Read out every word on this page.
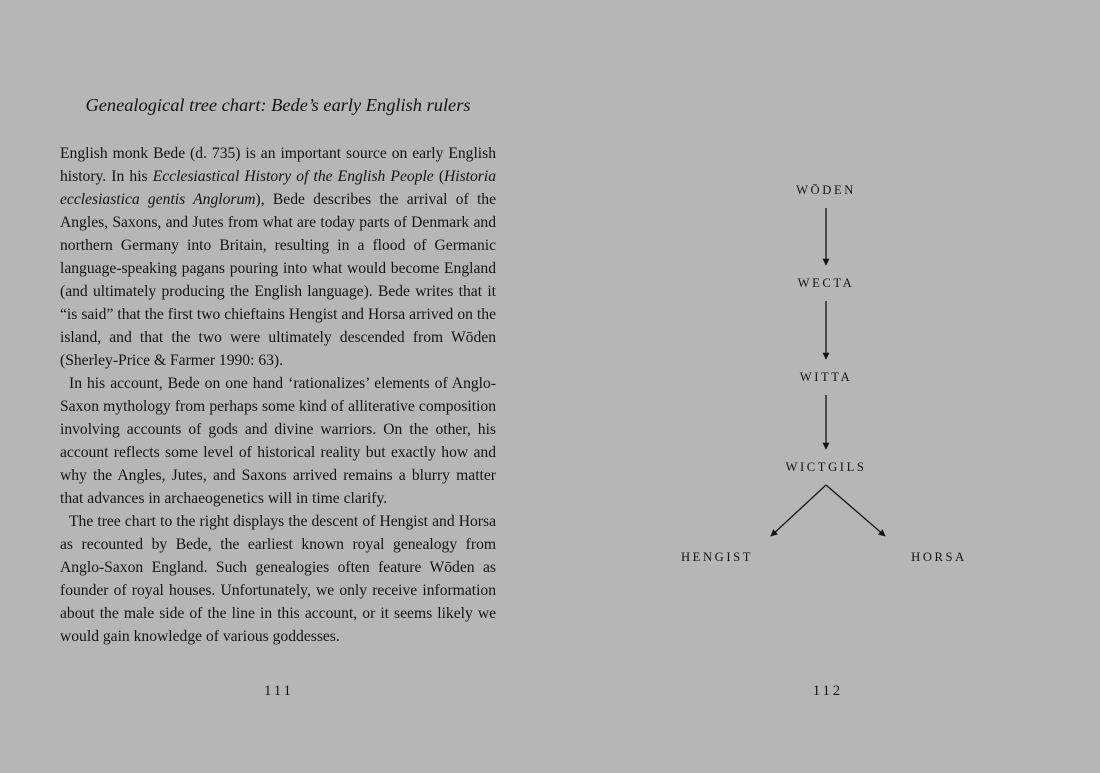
Genealogical tree chart: Bede’s early English rulers

English monk Bede (d. 735) is an important source on early English history. In his Ecclesiastical History of the English People (Historia ecclesiastica gentis Anglorum), Bede describes the arrival of the Angles, Saxons, and Jutes from what are today parts of Denmark and northern Germany into Britain, resulting in a flood of Germanic language-speaking pagans pouring into what would become England (and ultimately producing the English language). Bede writes that it “is said” that the first two chieftains Hengist and Horsa arrived on the island, and that the two were ultimately descended from Wōden (Sherley-Price & Farmer 1990: 63).

In his account, Bede on one hand ‘rationalizes’ elements of Anglo-Saxon mythology from perhaps some kind of alliterative composition involving accounts of gods and divine warriors. On the other, his account reflects some level of historical reality but exactly how and why the Angles, Jutes, and Saxons arrived remains a blurry matter that advances in archaeogenetics will in time clarify.

The tree chart to the right displays the descent of Hengist and Horsa as recounted by Bede, the earliest known royal genealogy from Anglo-Saxon England. Such genealogies often feature Wōden as founder of royal houses. Unfortunately, we only receive information about the male side of the line in this account, or it seems likely we would gain knowledge of various goddesses.

111
WŌDEN
WECTA
WITTA
WICTGILS
HENGIST	HORSA
112
